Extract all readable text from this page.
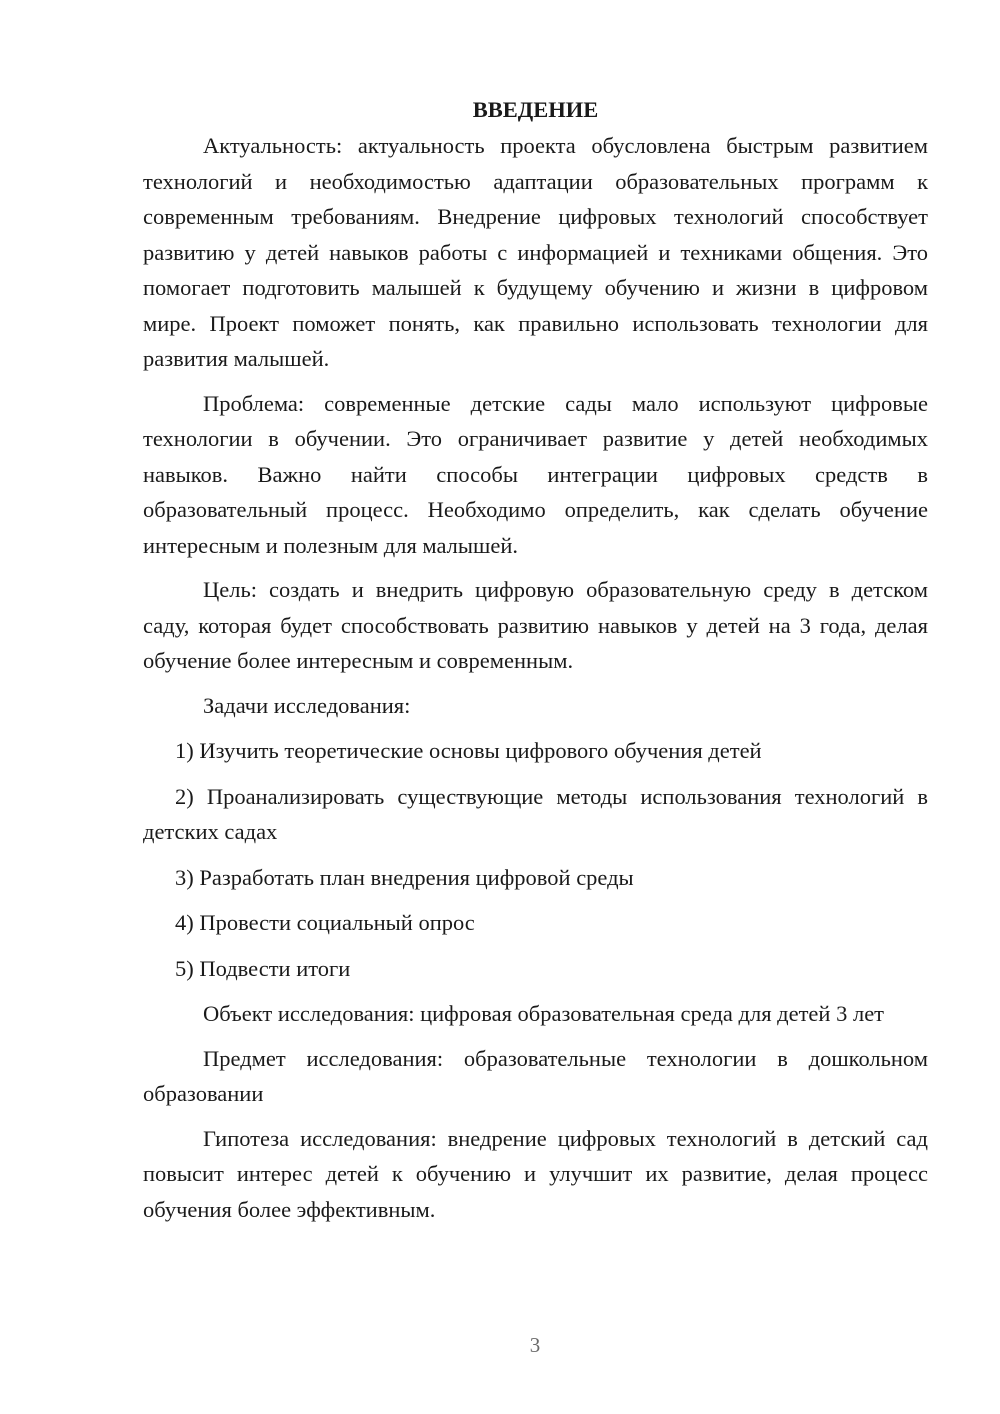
ВВЕДЕНИЕ

Актуальность: актуальность проекта обусловлена быстрым развитием технологий и необходимостью адаптации образовательных программ к современным требованиям. Внедрение цифровых технологий способствует развитию у детей навыков работы с информацией и техниками общения. Это помогает подготовить малышей к будущему обучению и жизни в цифровом мире. Проект поможет понять, как правильно использовать технологии для развития малышей.

Проблема: современные детские сады мало используют цифровые технологии в обучении. Это ограничивает развитие у детей необходимых навыков. Важно найти способы интеграции цифровых средств в образовательный процесс. Необходимо определить, как сделать обучение интересным и полезным для малышей.

Цель: создать и внедрить цифровую образовательную среду в детском саду, которая будет способствовать развитию навыков у детей на 3 года, делая обучение более интересным и современным.

Задачи исследования:

1) Изучить теоретические основы цифрового обучения детей

2) Проанализировать существующие методы использования технологий в детских садах

3) Разработать план внедрения цифровой среды

4) Провести социальный опрос

5) Подвести итоги

Объект исследования: цифровая образовательная среда для детей 3 лет

Предмет исследования: образовательные технологии в дошкольном образовании

Гипотеза исследования: внедрение цифровых технологий в детский сад повысит интерес детей к обучению и улучшит их развитие, делая процесс обучения более эффективным.

3
